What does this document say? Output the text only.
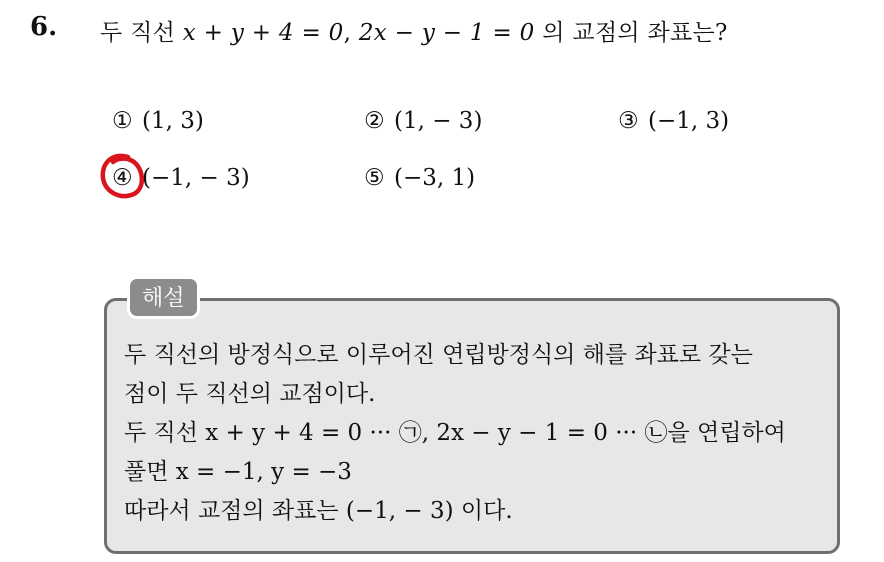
6. 두 직선 x + y + 4 = 0, 2x − y − 1 = 0 의 교점의 좌표는?
① (1, 3)	② (1, − 3)	③ (−1, 3)
④ (−1, − 3)	⑤ (−3, 1)
해설
두 직선의 방정식으로 이루어진 연립방정식의 해를 좌표로 갖는
점이 두 직선의 교점이다.
두 직선 x + y + 4 = 0 ··· ㉠, 2x − y − 1 = 0 ··· ㉡을 연립하여
풀면 x = −1, y = −3
따라서 교점의 좌표는 (−1, − 3) 이다.
